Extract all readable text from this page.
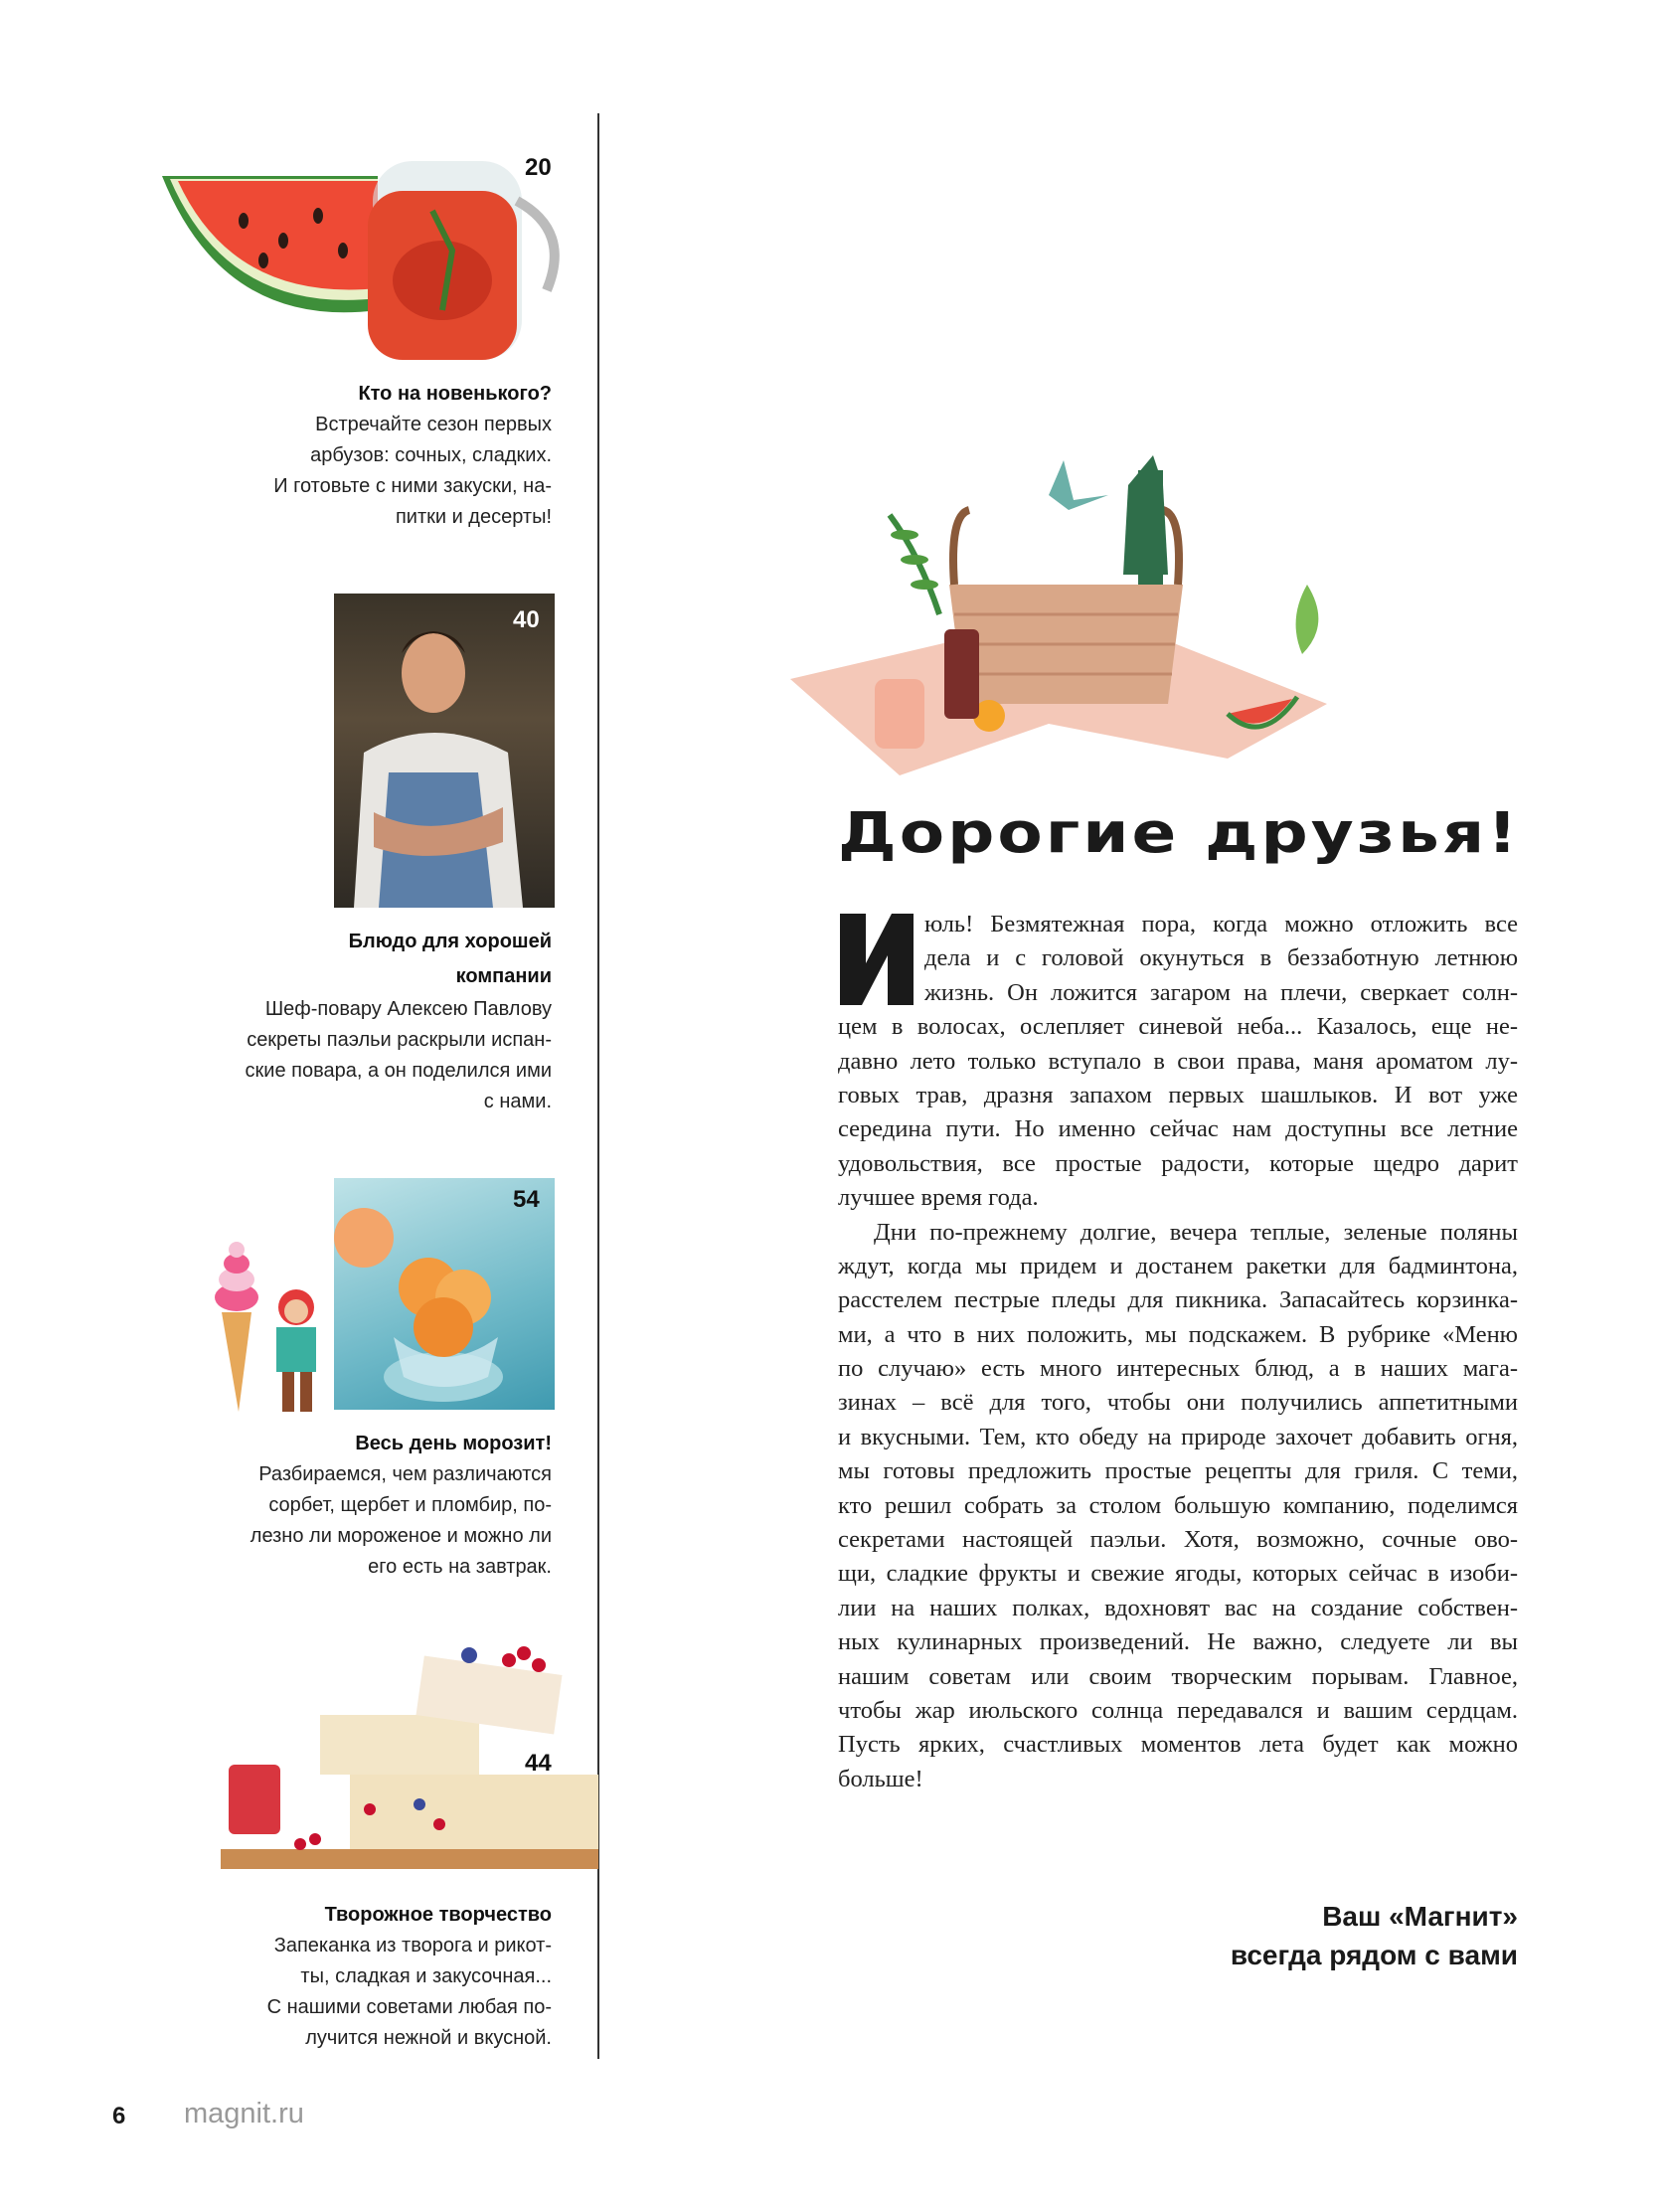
20
Кто на новенького?
Встречайте сезон первых
арбузов: сочных, сладких.
И готовьте с ними закуски, на-
питки и десерты!
40
Блюдо для хорошей
компании
Шеф-повару Алексею Павлову
секреты паэльи раскрыли испан-
ские повара, а он поделился ими
с нами.
54
Весь день морозит!
Разбираемся, чем различаются
сорбет, щербет и пломбир, по-
лезно ли мороженое и можно ли
его есть на завтрак.
44
Творожное творчество
Запеканка из творога и рикот-
ты, сладкая и закусочная...
С нашими советами любая по-
лучится нежной и вкусной.
Дорогие друзья!
юль! Безмятежная пора, когда можно отложить все
дела и с головой окунуться в беззаботную летнюю
жизнь. Он ложится загаром на плечи, сверкает солн-
цем в волосах, ослепляет синевой неба... Казалось, еще не-
давно лето только вступало в свои права, маня ароматом лу-
говых трав, дразня запахом первых шашлыков. И вот уже
середина пути. Но именно сейчас нам доступны все летние
удовольствия, все простые радости, которые щедро дарит
лучшее время года.
Дни по-прежнему долгие, вечера теплые, зеленые поляны
ждут, когда мы придем и достанем ракетки для бадминтона,
расстелем пестрые пледы для пикника. Запасайтесь корзинка-
ми, а что в них положить, мы подскажем. В рубрике «Меню
по случаю» есть много интересных блюд, а в наших мага-
зинах – всё для того, чтобы они получились аппетитными
и вкусными. Тем, кто обеду на природе захочет добавить огня,
мы готовы предложить простые рецепты для гриля. С теми,
кто решил собрать за столом большую компанию, поделимся
секретами настоящей паэльи. Хотя, возможно, сочные ово-
щи, сладкие фрукты и свежие ягоды, которых сейчас в изоби-
лии на наших полках, вдохновят вас на создание собствен-
ных кулинарных произведений. Не важно, следуете ли вы
нашим советам или своим творческим порывам. Главное,
чтобы жар июльского солнца передавался и вашим сердцам.
Пусть ярких, счастливых моментов лета будет как можно
больше!
Ваш «Магнит»
всегда рядом с вами
6 magnit.ru
